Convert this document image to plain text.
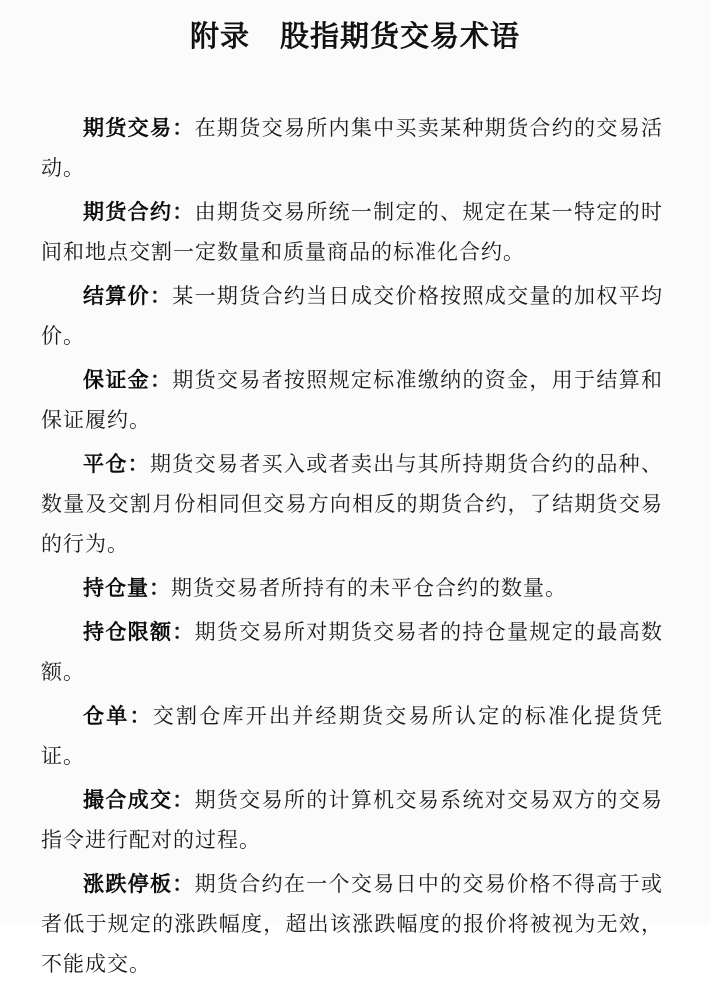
附录　股指期货交易术语

期货交易：在期货交易所内集中买卖某种期货合约的交易活动。

期货合约：由期货交易所统一制定的、规定在某一特定的时间和地点交割一定数量和质量商品的标准化合约。

结算价：某一期货合约当日成交价格按照成交量的加权平均价。

保证金：期货交易者按照规定标准缴纳的资金，用于结算和保证履约。

平仓：期货交易者买入或者卖出与其所持期货合约的品种、数量及交割月份相同但交易方向相反的期货合约，了结期货交易的行为。

持仓量：期货交易者所持有的未平仓合约的数量。

持仓限额：期货交易所对期货交易者的持仓量规定的最高数额。

仓单：交割仓库开出并经期货交易所认定的标准化提货凭证。

撮合成交：期货交易所的计算机交易系统对交易双方的交易指令进行配对的过程。

涨跌停板：期货合约在一个交易日中的交易价格不得高于或者低于规定的涨跌幅度，超出该涨跌幅度的报价将被视为无效，不能成交。
